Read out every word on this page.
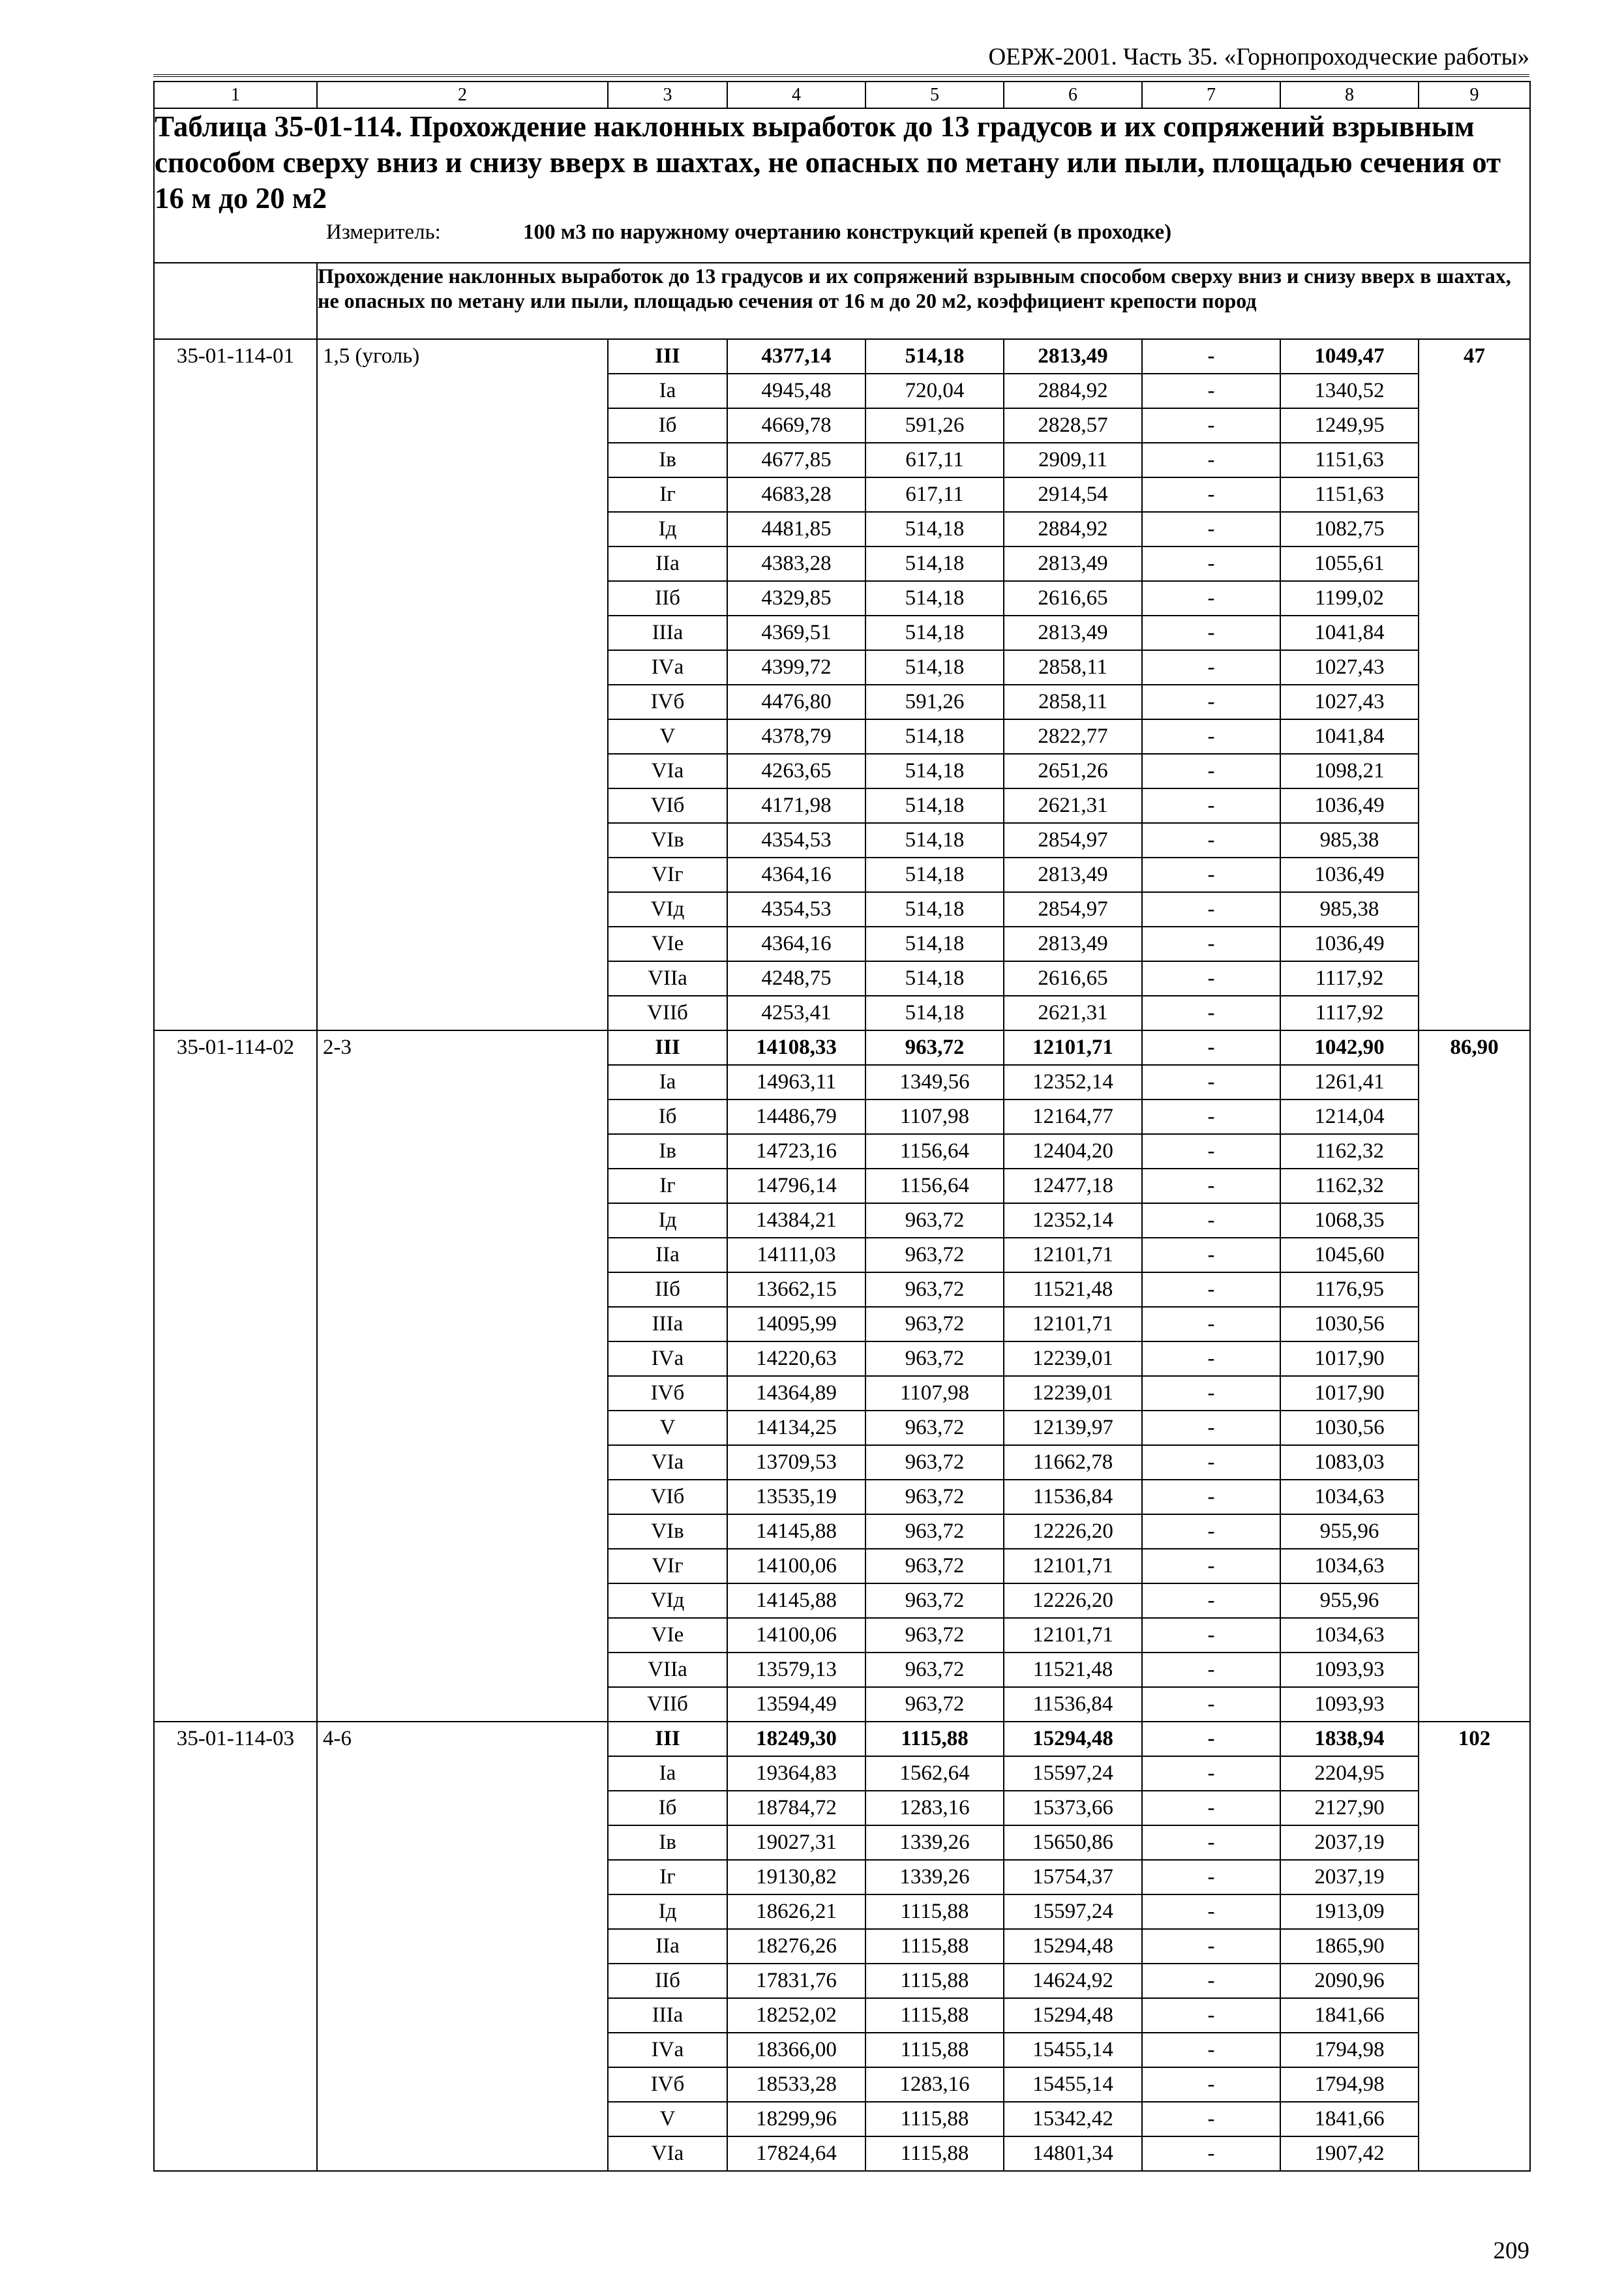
ОЕРЖ-2001. Часть 35. «Горнопроходческие работы»
1	2	3	4	5	6	7	8	9

Таблица 35-01-114. Прохождение наклонных выработок до 13 градусов и их сопряжений взрывным способом сверху вниз и снизу вверх в шахтах, не опасных по метану или пыли, площадью сечения от 16 м до 20 м2
Измеритель: 100 м3 по наружному очертанию конструкций крепей (в проходке)								

	Прохождение наклонных выработок до 13 градусов и их сопряжений взрывным способом сверху вниз и снизу вверх в шахтах, не опасных по метану или пыли, площадью сечения от 16 м до 20 м2, коэффициент крепости пород							
35-01-114-01	1,5 (уголь)	III	4377,14	514,18	2813,49	-	1049,47	47
		Iа	4945,48	720,04	2884,92	-	1340,52	
		Iб	4669,78	591,26	2828,57	-	1249,95	
		Iв	4677,85	617,11	2909,11	-	1151,63	
		Iг	4683,28	617,11	2914,54	-	1151,63	
		Iд	4481,85	514,18	2884,92	-	1082,75	
		IIа	4383,28	514,18	2813,49	-	1055,61	
		IIб	4329,85	514,18	2616,65	-	1199,02	
		IIIа	4369,51	514,18	2813,49	-	1041,84	
		IVа	4399,72	514,18	2858,11	-	1027,43	
		IVб	4476,80	591,26	2858,11	-	1027,43	
		V	4378,79	514,18	2822,77	-	1041,84	
		VIа	4263,65	514,18	2651,26	-	1098,21	
		VIб	4171,98	514,18	2621,31	-	1036,49	
		VIв	4354,53	514,18	2854,97	-	985,38	
		VIг	4364,16	514,18	2813,49	-	1036,49	
		VIд	4354,53	514,18	2854,97	-	985,38	
		VIе	4364,16	514,18	2813,49	-	1036,49	
		VIIа	4248,75	514,18	2616,65	-	1117,92	
		VIIб	4253,41	514,18	2621,31	-	1117,92	
35-01-114-02	2-3	III	14108,33	963,72	12101,71	-	1042,90	86,90
		Iа	14963,11	1349,56	12352,14	-	1261,41	
		Iб	14486,79	1107,98	12164,77	-	1214,04	
		Iв	14723,16	1156,64	12404,20	-	1162,32	
		Iг	14796,14	1156,64	12477,18	-	1162,32	
		Iд	14384,21	963,72	12352,14	-	1068,35	
		IIа	14111,03	963,72	12101,71	-	1045,60	
		IIб	13662,15	963,72	11521,48	-	1176,95	
		IIIа	14095,99	963,72	12101,71	-	1030,56	
		IVа	14220,63	963,72	12239,01	-	1017,90	
		IVб	14364,89	1107,98	12239,01	-	1017,90	
		V	14134,25	963,72	12139,97	-	1030,56	
		VIа	13709,53	963,72	11662,78	-	1083,03	
		VIб	13535,19	963,72	11536,84	-	1034,63	
		VIв	14145,88	963,72	12226,20	-	955,96	
		VIг	14100,06	963,72	12101,71	-	1034,63	
		VIд	14145,88	963,72	12226,20	-	955,96	
		VIе	14100,06	963,72	12101,71	-	1034,63	
		VIIа	13579,13	963,72	11521,48	-	1093,93	
		VIIб	13594,49	963,72	11536,84	-	1093,93	
35-01-114-03	4-6	III	18249,30	1115,88	15294,48	-	1838,94	102
		Iа	19364,83	1562,64	15597,24	-	2204,95	
		Iб	18784,72	1283,16	15373,66	-	2127,90	
		Iв	19027,31	1339,26	15650,86	-	2037,19	
		Iг	19130,82	1339,26	15754,37	-	2037,19	
		Iд	18626,21	1115,88	15597,24	-	1913,09	
		IIа	18276,26	1115,88	15294,48	-	1865,90	
		IIб	17831,76	1115,88	14624,92	-	2090,96	
		IIIа	18252,02	1115,88	15294,48	-	1841,66	
		IVа	18366,00	1115,88	15455,14	-	1794,98	
		IVб	18533,28	1283,16	15455,14	-	1794,98	
		V	18299,96	1115,88	15342,42	-	1841,66	
		VIа	17824,64	1115,88	14801,34	-	1907,42	
209
